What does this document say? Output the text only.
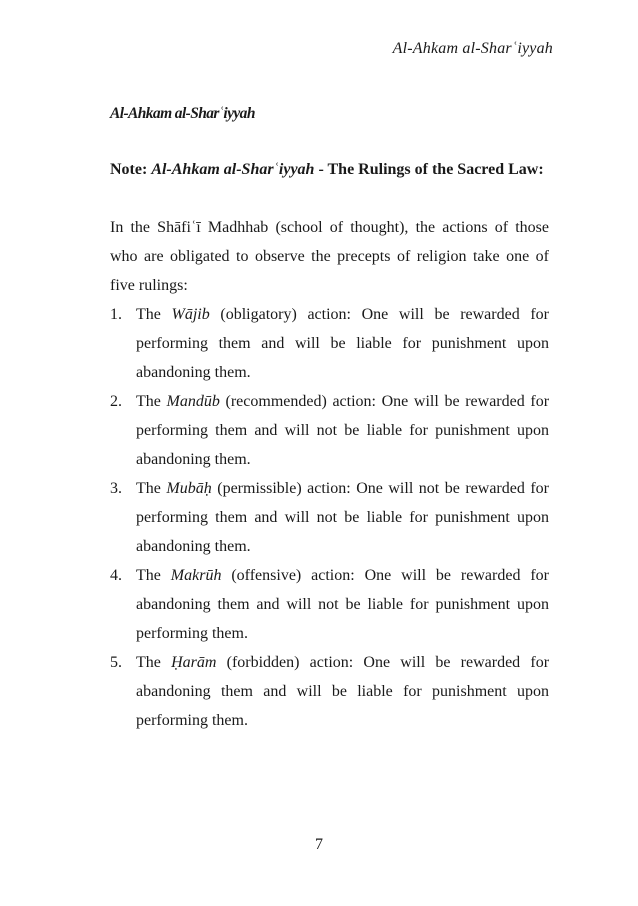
Al-Ahkam al-Sharʿiyyah
Al-Ahkam al-Sharʿiyyah
Note: Al-Ahkam al-Sharʿiyyah - The Rulings of the Sacred Law:
In the Shāfiʿī Madhhab (school of thought), the actions of those who are obligated to observe the precepts of religion take one of five rulings:
1. The Wājib (obligatory) action: One will be rewarded for performing them and will be liable for punishment upon abandoning them.
2. The Mandūb (recommended) action: One will be rewarded for performing them and will not be liable for punishment upon abandoning them.
3. The Mubāḥ (permissible) action: One will not be rewarded for performing them and will not be liable for punishment upon abandoning them.
4. The Makrūh (offensive) action: One will be rewarded for abandoning them and will not be liable for punishment upon performing them.
5. The Ḥarām (forbidden) action: One will be rewarded for abandoning them and will be liable for punishment upon performing them.
7
